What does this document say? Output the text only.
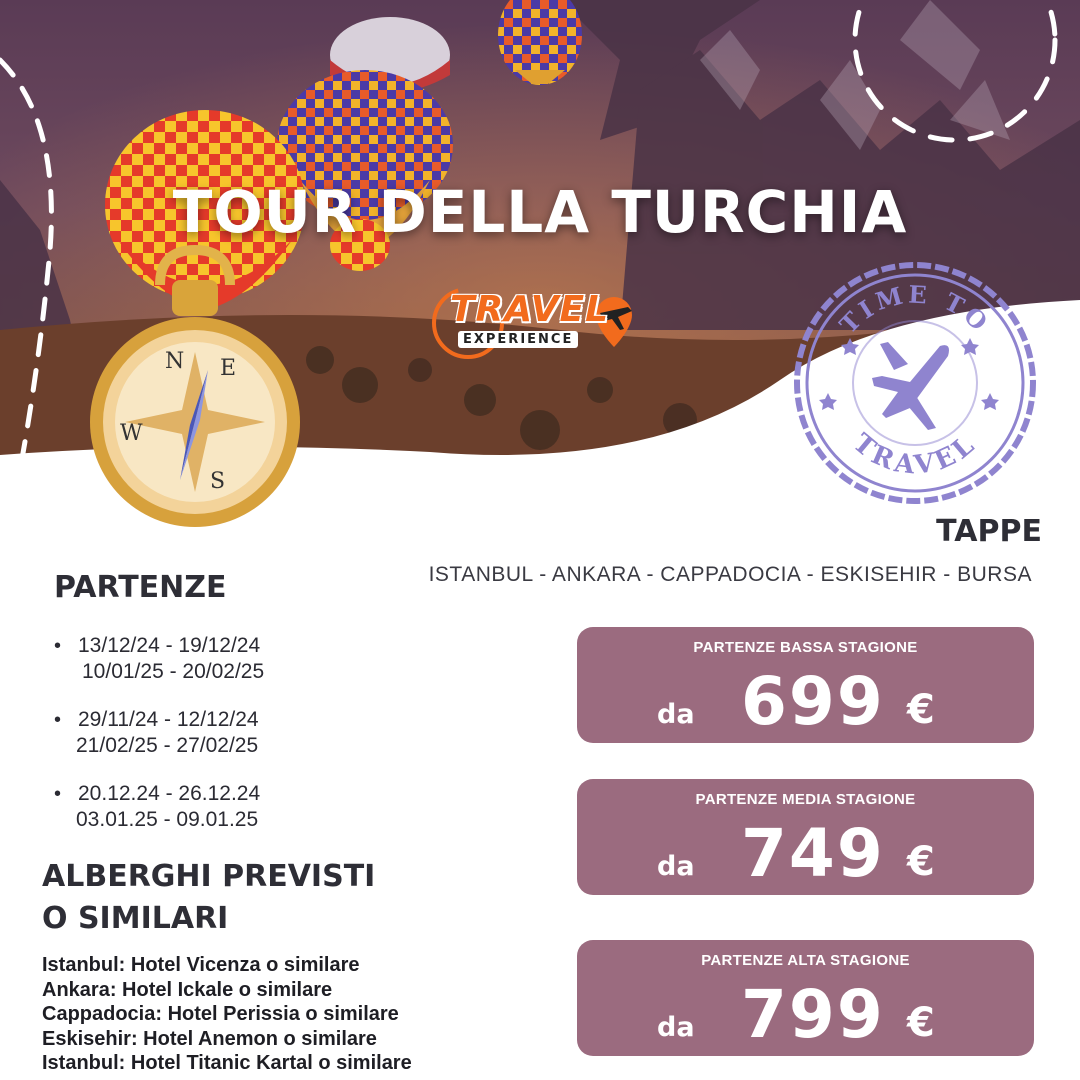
TOUR DELLA TURCHIA
TRAVEL
EXPERIENCE
N E
W
S
TIME TO
TRAVEL
TAPPE
ISTANBUL - ANKARA - CAPPADOCIA - ESKISEHIR - BURSA
PARTENZE
• 13/12/24 - 19/12/24
10/01/25 - 20/02/25
• 29/11/24 - 12/12/24
21/02/25 - 27/02/25
• 20.12.24 - 26.12.24
03.01.25 - 09.01.25
ALBERGHI PREVISTI
O SIMILARI
Istanbul: Hotel Vicenza o similare
Ankara: Hotel Ickale o similare
Cappadocia: Hotel Perissia o similare
Eskisehir: Hotel Anemon o similare
Istanbul: Hotel Titanic Kartal o similare
PARTENZE BASSA STAGIONE
da 699 €
PARTENZE MEDIA STAGIONE
da 749 €
PARTENZE ALTA STAGIONE
da 799 €
